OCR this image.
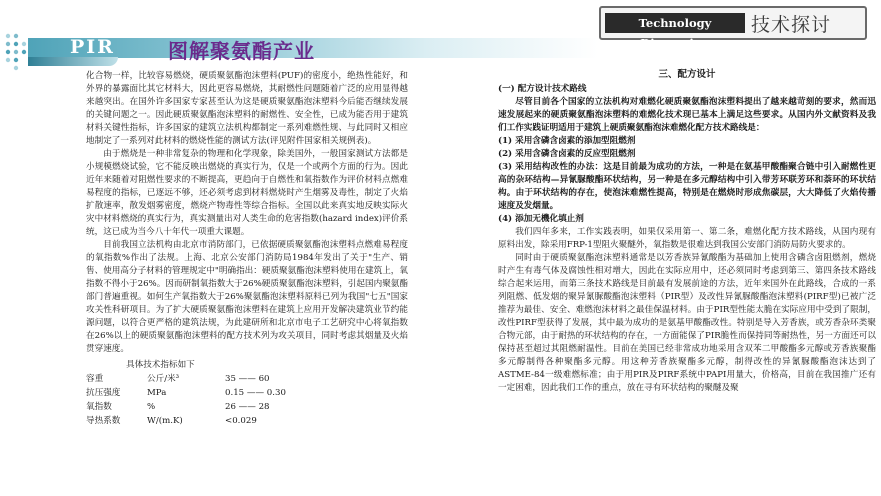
Technology Discussion
技术探讨
PIR	图解聚氨酯产业

化合物一样，比较容易燃烧，硬质聚氨酯泡沫塑料(PUF)的密度小，绝热性能好，和外界的暴露面比其它材料大，因此更容易燃烧，其耐燃性问题随着广泛的应用显得越来越突出。在国外许多国家专家甚至认为这是硬质聚氨酯泡沫塑料今后能否继续发展的关键问题之一。因此硬质聚氨酯泡沫塑料的耐燃性、安全性，已成为能否用于建筑材料关键性指标，许多国家的建筑立法机构都制定一系列难燃性规、与此同时又相应地制定了一系列对此材料的燃烧性能的测试方法(评见附件国家相关规例表)。

由于燃烧是一种非常复杂的物理和化学现象，除美国外，一般国家测试方法都是小规模燃烧试验，它不能反映出燃烧的真实行为，仅是一个或两个方面的行为。因此近年来随着对阻燃性要求的不断提高，更趋向于自燃性和氧指数作为评价材料点燃难易程度的指标，已逐远不够，还必须考虑到材料燃烧时产生烟雾及毒性，制定了火焰扩散速率，散发烟雾密度，燃烧产物毒性等综合指标。全国以此来真实地反映实际火灾中材料燃烧的真实行为，真实测量出对人类生命的危害指数(hazard index)评价系统，这已成为当今八十年代一项重大课题。

目前我国立法机构由北京市消防部门，已依据硬质聚氨酯泡沫塑料点燃难易程度的氧指数%作出了法规。上海、北京公安部门消防局1984年发出了关于"生产、销售、使用高分子材料的管理规定中"明确指出：硬质聚氨酯泡沫塑料使用在建筑上，氧指数不得小于26%。因而研制氧指数大于26%硬质聚氨酯泡沫塑料，引起国内聚氨酯部门普遍重视。如何生产氧指数大于26%聚氨酯泡沫塑料原料已列为我国"七五"国家攻关性科研项目。为了扩大硬质聚氨酯泡沫塑料在建筑上应用开发解决建筑业节约能源问题，以符合更严格的建筑法规，为此建研所和北京市电子工艺研究中心将氧指数在26%以上的硬质聚氨酯泡沫塑料的配方技术列为攻关项目，同时考虑其烟量及火焰贯穿速度。

具体技术指标如下
容重	公斤/米³	35 —— 60
抗压强度	MPa	0.15 —— 0.30
氧指数	%	26 —— 28
导热系数	W/(m.K)	<0.029
三、配方设计
(一) 配方设计技术路线

尽管目前各个国家的立法机构对难燃化硬质聚氨酯泡沫塑料提出了越来越苛刻的要求，然而迅速发展起来的硬质聚氨酯泡沫塑料的难燃化技术现已基本上满足这些要求。从国内外文献资料及我们工作实践证明适用于建筑上硬质聚氨酯泡沫难燃化配方技术路线是：

(1) 采用含磷含卤素的添加型阻燃剂

(2) 采用含磷含卤素的反应型阻燃剂

(3) 采用结构改性的办法：这是目前最为成功的方法，一种是在氨基甲酸酯聚合链中引入耐燃性更高的杂环结构—异氰脲酸酯环状结构，另一种是在多元醇结构中引入带芳环联芳环和萘环的环状结构。由于环状结构的存在，使泡沫难燃性提高，特别是在燃烧时形成焦碳层，大大降低了火焰传播速度及发烟量。

(4) 添加无機化填止剂

我们四年多来，工作实践表明，如果仅采用第一、第二条，难燃化配方技术路线，从国内现有原料出发，除采用FRP-1型阻火聚醚外，氧指数是很难达到我国公安部门消防局防火要求的。

同时由于硬质聚氨酯泡沫塑料通常是以芳香族异氰酸酯为基础加上使用含磷含卤阻燃剂，燃烧时产生有毒气体及腐蚀性相对增大，因此在实际应用中，还必须同时考虑到第三、第四条技术路线综合起来运用，而第三条技术路线是目前最有发展前途的方法，近年来国外在此路线，合成的一系列阻燃、低发烟的聚异氰脲酸酯泡沫塑料（PIR型）及改性异氰脲酸酯泡沫塑料(PIRF型)已被广泛推荐为最佳、安全、难燃泡沫材料之最佳保温材料。由于PIR型性能太脆在实际应用中受到了限制，改性PIRF型获得了发展，其中最为成功的是氨基甲酸酯改性。特别是导入芳香族，或芳香杂环类聚合物元部，由于耐热的环状结构的存在，一方面能保了PIR脆性而保持同等耐热性，另一方面还可以保持甚至超过其阻燃耐温性。目前在美国已经非常成功地采用含双苯二甲酸酯多元醇或芳香族聚酯多元醇制得各种聚酯多元醇。用这种芳香族聚酯多元醇，制得改性的异氰脲酸酯泡沫达到了ASTME-84一级难燃标准；由于用PIR及PIRF系统中PAPI用量大，价格高，目前在我国推广还有一定困难，因此我们工作的重点，放在寻有环状结构的聚醚及聚
